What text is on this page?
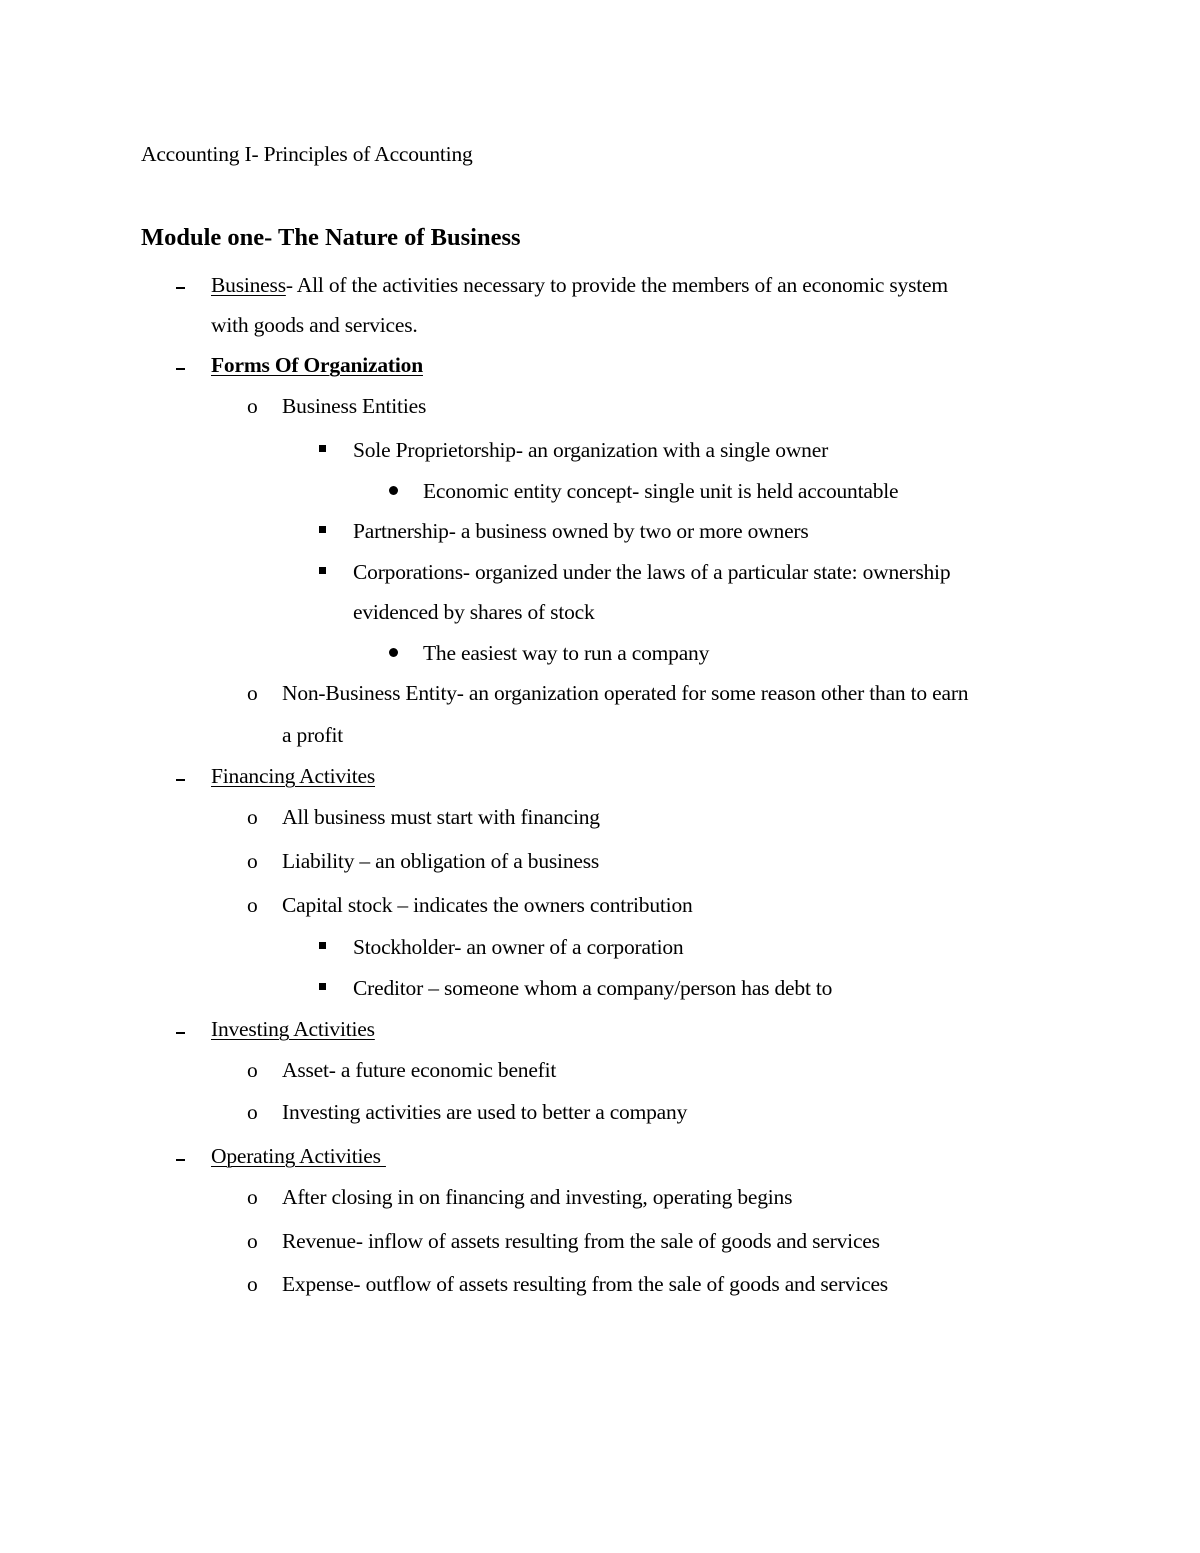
Accounting I- Principles of Accounting
Module one- The Nature of Business
Business- All of the activities necessary to provide the members of an economic system
with goods and services.
Forms Of Organization
o Business Entities
Sole Proprietorship- an organization with a single owner
Economic entity concept- single unit is held accountable
Partnership- a business owned by two or more owners
Corporations- organized under the laws of a particular state: ownership
evidenced by shares of stock
The easiest way to run a company
o Non-Business Entity- an organization operated for some reason other than to earn
a profit
Financing Activites
o All business must start with financing
o Liability – an obligation of a business
o Capital stock – indicates the owners contribution
Stockholder- an owner of a corporation
Creditor – someone whom a company/person has debt to
Investing Activities
o Asset- a future economic benefit
o Investing activities are used to better a company
Operating Activities
o After closing in on financing and investing, operating begins
o Revenue- inflow of assets resulting from the sale of goods and services
o Expense- outflow of assets resulting from the sale of goods and services
